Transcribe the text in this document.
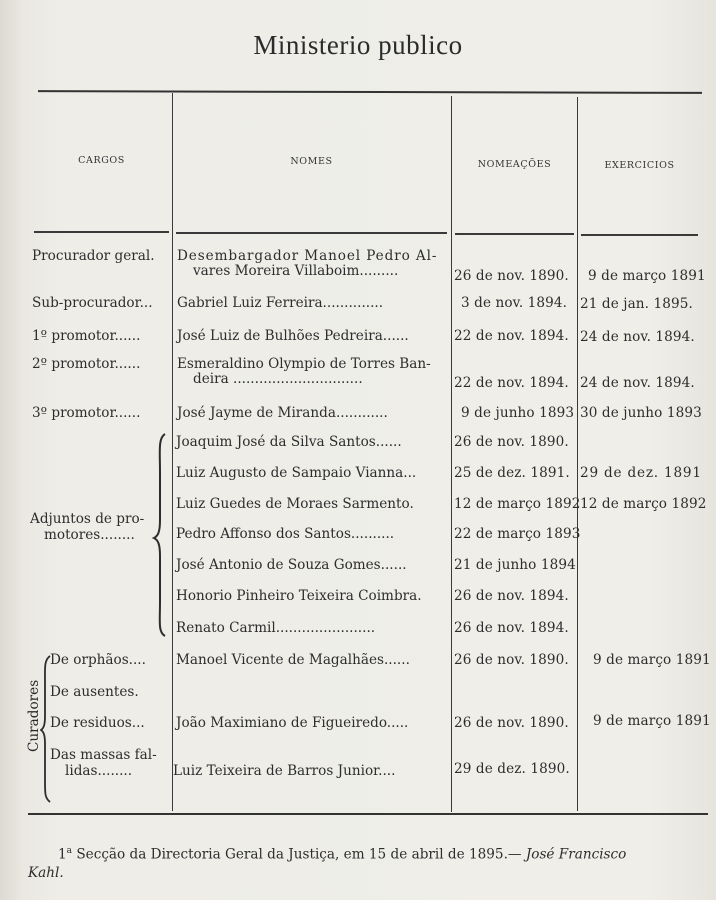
Ministerio publico
CARGOS	NOMES	NOMEAÇÕES	EXERCICIOS
Procurador geral. Desembargador Manoel Pedro Al-
vares Moreira Villaboim.........	26 de nov. 1890. 9 de março 1891
Sub-procurador... Gabriel Luiz Ferreira..............	3 de nov. 1894. 21 de jan. 1895.
1º promotor......	José Luiz de Bulhões Pedreira......	22 de nov. 1894. 24 de nov. 1894.
2º promotor......	Esmeraldino Olympio de Torres Ban-
deira ..............................	22 de nov. 1894. 24 de nov. 1894.
3º promotor......	José Jayme de Miranda............	9 de junho 1893 30 de junho 1893
Adjuntos de pro-
motores........
Joaquim José da Silva Santos......	26 de nov. 1890.
Luiz Augusto de Sampaio Vianna...	25 de dez. 1891. 29 de dez. 1891
Luiz Guedes de Moraes Sarmento.	12 de março 1892 12 de março 1892
Pedro Affonso dos Santos..........	22 de março 1893
José Antonio de Souza Gomes......	21 de junho 1894
Honorio Pinheiro Teixeira Coimbra. 26 de nov. 1894.
Renato Carmil.......................	26 de nov. 1894.
Curadores
De orphãos.... Manoel Vicente de Magalhães......	26 de nov. 1890. 9 de março 1891
De ausentes.
De residuos... João Maximiano de Figueiredo.....	26 de nov. 1890. 9 de março 1891
Das massas fal-
lidas........	Luiz Teixeira de Barros Junior....	29 de dez. 1890.
1$^a$ Secção da Directoria Geral da Justiça, em 15 de abril de 1895.— José Francisco
Kahl.
